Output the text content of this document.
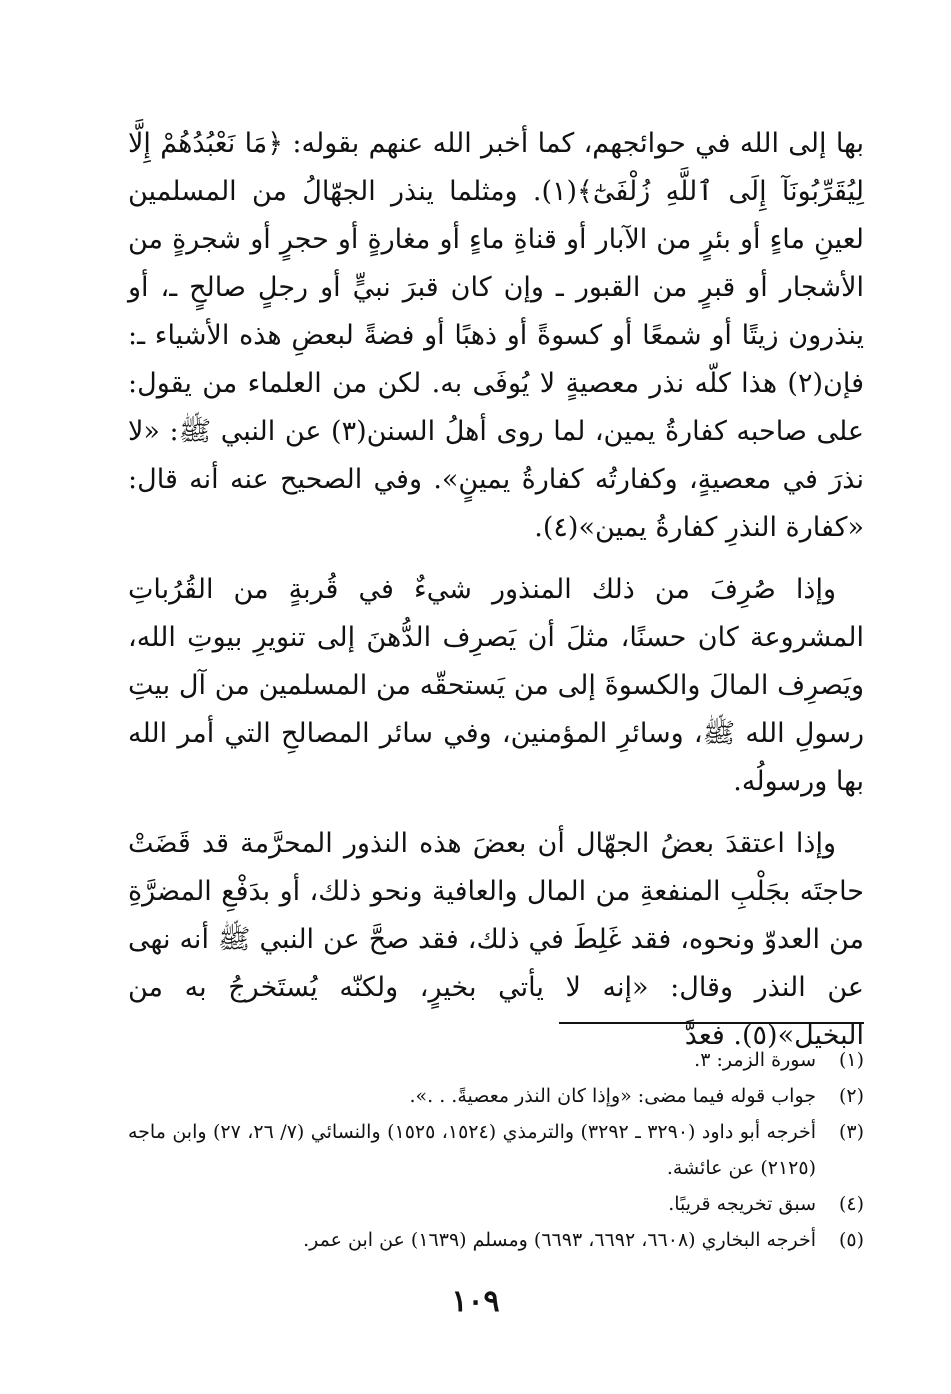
بها إلى الله في حوائجهم، كما أخبر الله عنهم بقوله: ﴿مَا نَعْبُدُهُمْ إِلَّا لِيُقَرِّبُونَآ إِلَى ٱللَّهِ زُلْفَىٰٓ﴾(١). ومثلما ينذر الجهّالُ من المسلمين لعينِ ماءٍ أو بئرٍ من الآبار أو قناةِ ماءٍ أو مغارةٍ أو حجرٍ أو شجرةٍ من الأشجار أو قبرٍ من القبور ـ وإن كان قبرَ نبيٍّ أو رجلٍ صالحٍ ـ، أو ينذرون زيتًا أو شمعًا أو كسوةً أو ذهبًا أو فضةً لبعضِ هذه الأشياء ـ: فإن(٢) هذا كلّه نذر معصيةٍ لا يُوفَى به. لكن من العلماء من يقول: على صاحبه كفارةُ يمين، لما روى أهلُ السنن(٣) عن النبي ﷺ: «لا نذرَ في معصيةٍ، وكفارتُه كفارةُ يمينٍ». وفي الصحيح عنه أنه قال: «كفارة النذرِ كفارةُ يمين»(٤).

وإذا صُرِفَ من ذلك المنذور شيءٌ في قُربةٍ من القُرُباتِ المشروعة كان حسنًا، مثلَ أن يَصرِف الدُّهنَ إلى تنويرِ بيوتِ الله، ويَصرِف المالَ والكسوةَ إلى من يَستحقّه من المسلمين من آل بيتِ رسولِ الله ﷺ، وسائرِ المؤمنين، وفي سائر المصالحِ التي أمر الله بها ورسولُه.

وإذا اعتقدَ بعضُ الجهّال أن بعضَ هذه النذور المحرَّمة قد قَضَتْ حاجتَه بجَلْبِ المنفعةِ من المال والعافية ونحو ذلك، أو بدَفْعِ المضرَّةِ من العدوّ ونحوه، فقد غَلِطَ في ذلك، فقد صحَّ عن النبي ﷺ أنه نهى عن النذر وقال: «إنه لا يأتي بخيرٍ، ولكنّه يُستَخرجُ به من البخيل»(٥). فعدَّ

(١)
سورة الزمر: ٣.
(٢)
جواب قوله فيما مضى: «وإذا كان النذر معصيةً. . .».
(٣)
أخرجه أبو داود (٣٢٩٠ ـ ٣٢٩٢) والترمذي (١٥٢٤، ١٥٢٥) والنسائي (٧/ ٢٦، ٢٧) وابن ماجه (٢١٢٥) عن عائشة.
(٤)
سبق تخريجه قريبًا.
(٥)
أخرجه البخاري (٦٦٠٨، ٦٦٩٢، ٦٦٩٣) ومسلم (١٦٣٩) عن ابن عمر.
١٠٩
